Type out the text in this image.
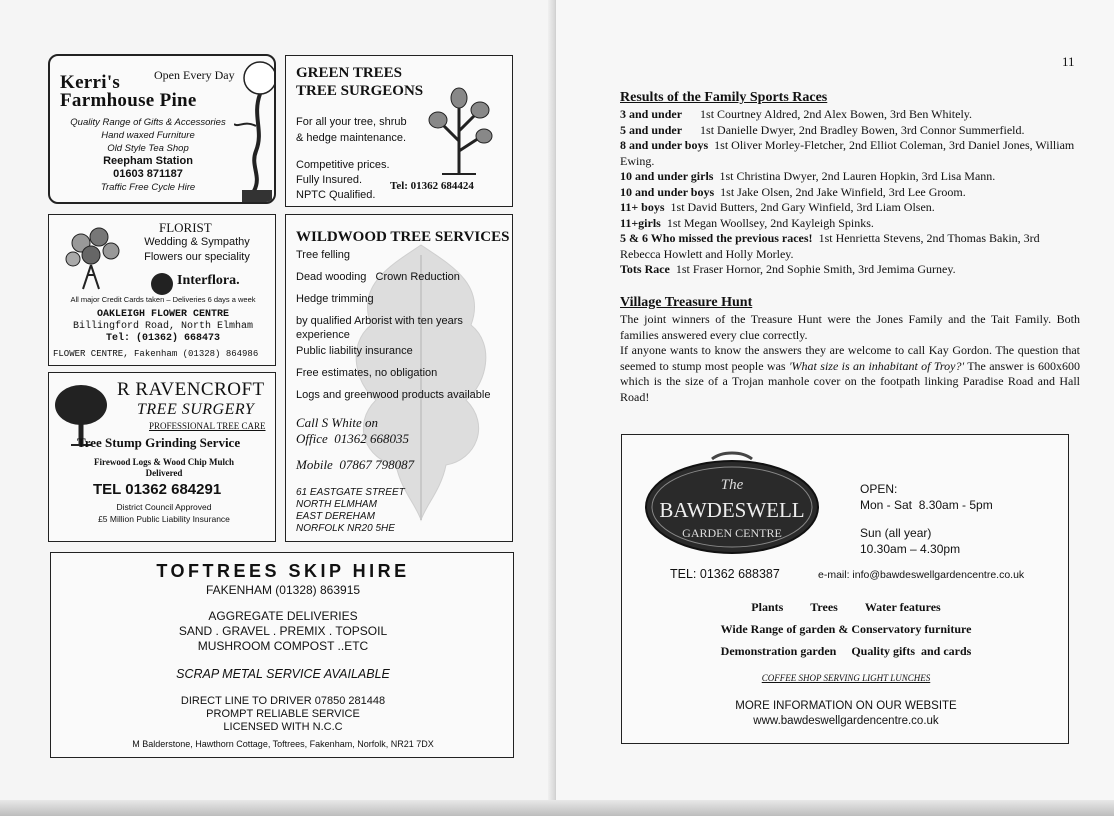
Open Every Day
Kerri's
Farmhouse Pine
Quality Range of Gifts & Accessories
Hand waxed Furniture
Old Style Tea Shop
Reepham Station
01603 871187
Traffic Free Cycle Hire
GREEN TREES
TREE SURGEONS
For all your tree, shrub
& hedge maintenance.
Competitive prices.
Fully Insured.
NPTC Qualified.
Tel: 01362 684424
FLORIST
Wedding & Sympathy
Flowers our speciality
Interflora.
All major Credit Cards taken – Deliveries 6 days a week
OAKLEIGH FLOWER CENTRE
Billingford Road, North Elmham
Tel: (01362) 668473
FLOWER CENTRE, Fakenham (01328) 864986
R RAVENCROFT
TREE SURGERY
PROFESSIONAL TREE CARE
Tree Stump Grinding Service
Firewood Logs & Wood Chip Mulch
Delivered
TEL 01362 684291
District Council Approved
£5 Million Public Liability Insurance
WILDWOOD TREE SERVICES
Tree felling
Dead wooding   Crown Reduction
Hedge trimming
by qualified Arborist with ten years experience
Public liability insurance
Free estimates, no obligation
Logs and greenwood products available
Call S White on
Office  01362 668035
Mobile  07867 798087
61 EASTGATE STREET
NORTH ELMHAM
EAST DEREHAM
NORFOLK NR20 5HE
TOFTREES SKIP HIRE
FAKENHAM (01328) 863915
AGGREGATE DELIVERIES
SAND . GRAVEL . PREMIX . TOPSOIL
MUSHROOM COMPOST ..ETC
SCRAP METAL SERVICE AVAILABLE
DIRECT LINE TO DRIVER 07850 281448
PROMPT RELIABLE SERVICE
LICENSED WITH N.C.C
M Balderstone, Hawthorn Cottage, Toftrees, Fakenham, Norfolk, NR21 7DX
11
Results of the Family Sports Races
3 and under 1st Courtney Aldred, 2nd Alex Bowen, 3rd Ben Whitely.
5 and under 1st Danielle Dwyer, 2nd Bradley Bowen, 3rd Connor Summerfield.
8 and under boys 1st Oliver Morley-Fletcher, 2nd Elliot Coleman, 3rd Daniel Jones, William Ewing.
10 and under girls 1st Christina Dwyer, 2nd Lauren Hopkin, 3rd Lisa Mann.
10 and under boys 1st Jake Olsen, 2nd Jake Winfield, 3rd Lee Groom.
11+ boys 1st David Butters, 2nd Gary Winfield, 3rd Liam Olsen.
11+girls 1st Megan Woollsey, 2nd Kayleigh Spinks.
5 & 6 Who missed the previous races! 1st Henrietta Stevens, 2nd Thomas Bakin, 3rd Rebecca Howlett and Holly Morley.
Tots Race 1st Fraser Hornor, 2nd Sophie Smith, 3rd Jemima Gurney.
Village Treasure Hunt
The joint winners of the Treasure Hunt were the Jones Family and the Tait Family. Both families answered every clue correctly.
If anyone wants to know the answers they are welcome to call Kay Gordon. The question that seemed to stump most people was 'What size is an inhabitant of Troy?' The answer is 600x600 which is the size of a Trojan manhole cover on the footpath linking Paradise Road and Hall Road!
The
BAWDESWELL
GARDEN CENTRE
OPEN:
Mon - Sat  8.30am - 5pm
Sun (all year)
10.30am – 4.30pm
TEL: 01362 688387	e-mail: info@bawdeswellgardencentre.co.uk
Plants Trees Water features
Wide Range of garden & Conservatory furniture
Demonstration garden Quality gifts  and cards
COFFEE SHOP SERVING LIGHT LUNCHES
MORE INFORMATION ON OUR WEBSITE
www.bawdeswellgardencentre.co.uk
